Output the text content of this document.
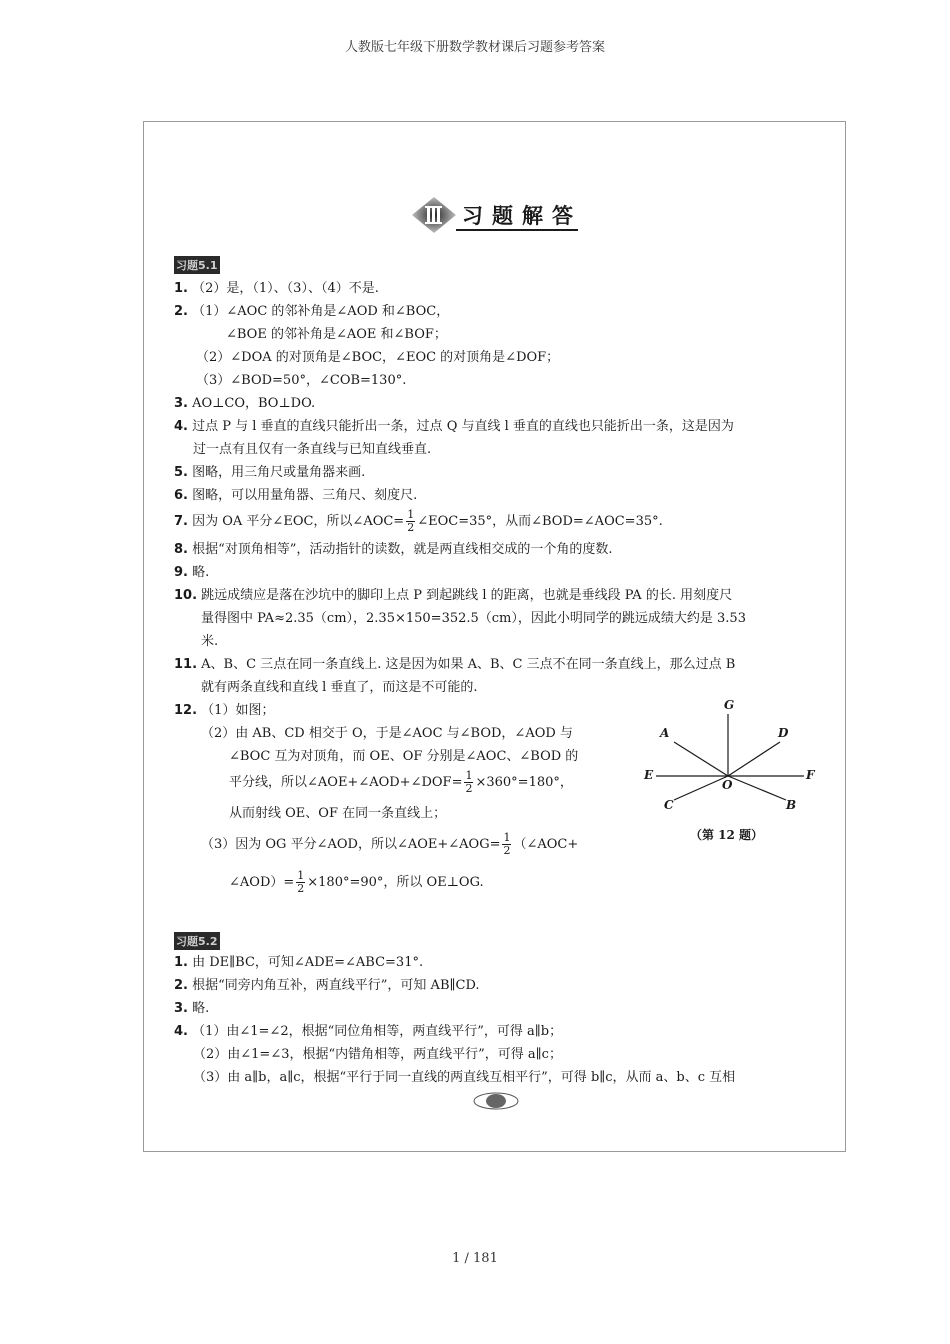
人教版七年级下册数学教材课后习题参考答案
习题解答
习题5.1
1. （2）是，（1）、（3）、（4）不是.
2. （1）∠AOC 的邻补角是∠AOD 和∠BOC，
∠BOE 的邻补角是∠AOE 和∠BOF；
（2）∠DOA 的对顶角是∠BOC，∠EOC 的对顶角是∠DOF；
（3）∠BOD=50°，∠COB=130°.
3. AO⊥CO，BO⊥DO.
4. 过点 P 与 l 垂直的直线只能折出一条，过点 Q 与直线 l 垂直的直线也只能折出一条，这是因为
过一点有且仅有一条直线与已知直线垂直.
5. 图略，用三角尺或量角器来画.
6. 图略，可以用量角器、三角尺、刻度尺.
7. 因为 OA 平分∠EOC，所以∠AOC= $\frac{1}{2}$ ∠EOC=35°，从而∠BOD=∠AOC=35°.
8. 根据“对顶角相等”，活动指针的读数，就是两直线相交成的一个角的度数.
9. 略.
10. 跳远成绩应是落在沙坑中的脚印上点 P 到起跳线 l 的距离，也就是垂线段 PA 的长. 用刻度尺
量得图中 PA≈2.35（cm），2.35×150=352.5（cm），因此小明同学的跳远成绩大约是 3.53
米.
11. A、B、C 三点在同一条直线上. 这是因为如果 A、B、C 三点不在同一条直线上，那么过点 B
就有两条直线和直线 l 垂直了，而这是不可能的.
12. （1）如图；
（2）由 AB、CD 相交于 O，于是∠AOC 与∠BOD，∠AOD 与
∠BOC 互为对顶角，而 OE、OF 分别是∠AOC、∠BOD 的
平分线，所以∠AOE+∠AOD+∠DOF= $\frac{1}{2} \times 360^\circ=180^\circ$，
从而射线 OE、OF 在同一条直线上；
（3）因为 OG 平分∠AOD，所以∠AOE+∠AOG= $\frac{1}{2}$ （∠AOC+
∠AOD）= $\frac{1}{2} \times 180^\circ=90^\circ$，所以 OE⊥OG.
G
A	D
E
O
F
C	B
（第 12 题）
习题5.2
1. 由 DE∥BC，可知∠ADE=∠ABC=31°.
2. 根据“同旁内角互补，两直线平行”，可知 AB∥CD.
3. 略.
4. （1）由∠1=∠2，根据“同位角相等，两直线平行”，可得 a∥b；
（2）由∠1=∠3，根据“内错角相等，两直线平行”，可得 a∥c；
（3）由 a∥b，a∥c，根据“平行于同一直线的两直线互相平行”，可得 b∥c，从而 a、b、c 互相
1 / 181
